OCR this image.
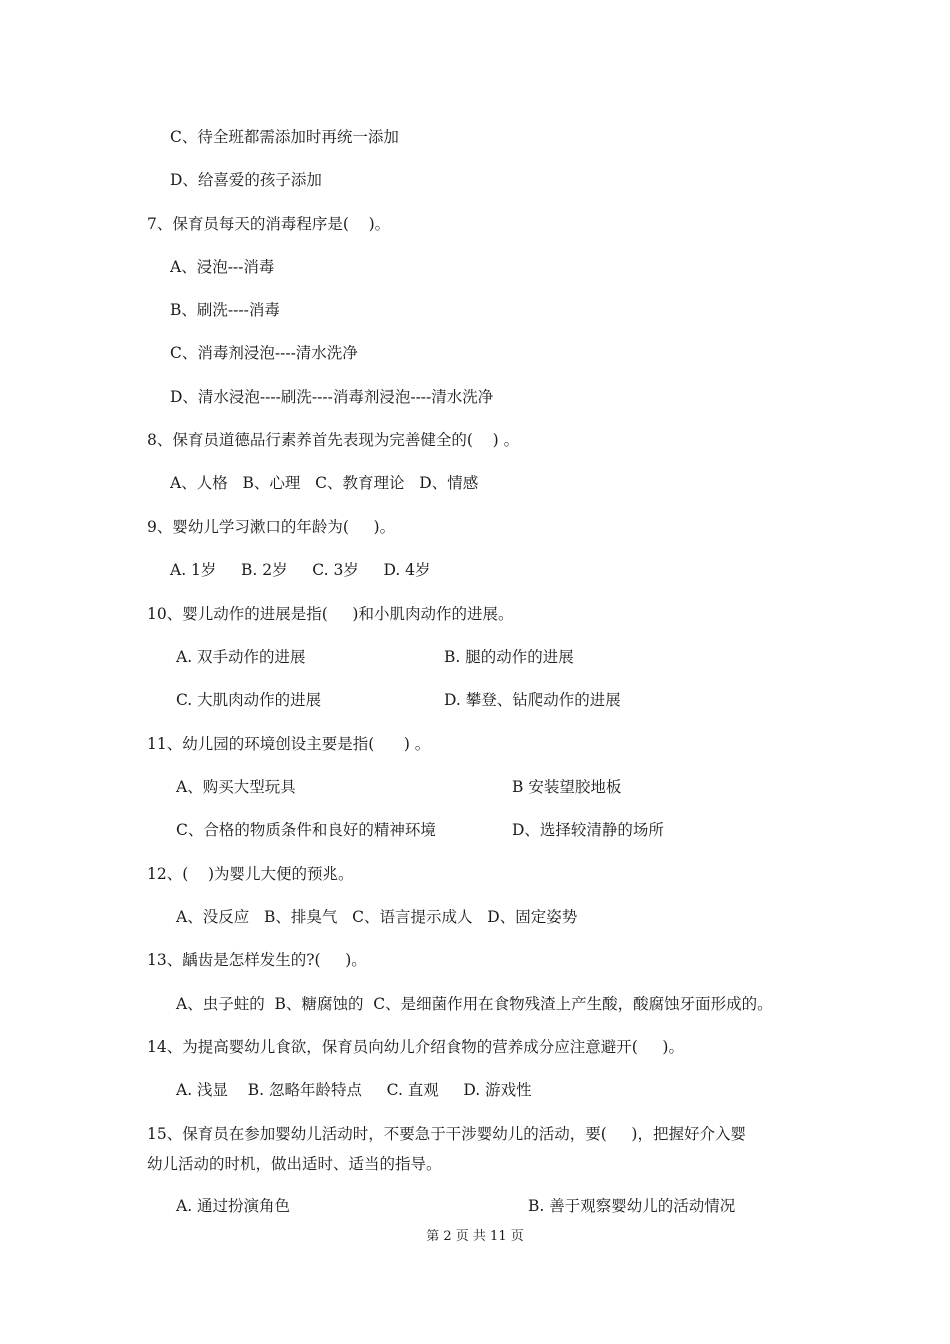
C、待全班都需添加时再统一添加
D、给喜爱的孩子添加
7、保育员每天的消毒程序是(    )。
A、浸泡---消毒
B、刷洗----消毒
C、消毒剂浸泡----清水洗净
D、清水浸泡----刷洗----消毒剂浸泡----清水洗净
8、保育员道德品行素养首先表现为完善健全的(    ) 。
A、人格   B、心理   C、教育理论   D、情感
9、婴幼儿学习漱口的年龄为(     )。
A. 1岁     B. 2岁     C. 3岁     D. 4岁
10、婴儿动作的进展是指(     )和小肌肉动作的进展。
A. 双手动作的进展	B. 腿的动作的进展
C. 大肌肉动作的进展	D. 攀登、钻爬动作的进展
11、幼儿园的环境创设主要是指(      ) 。
A、购买大型玩具	B 安装望胶地板
C、合格的物质条件和良好的精神环境	D、选择较清静的场所
12、(    )为婴儿大便的预兆。
A、没反应   B、排臭气   C、语言提示成人   D、固定姿势
13、龋齿是怎样发生的?(     )。
A、虫子蛀的  B、糖腐蚀的  C、是细菌作用在食物残渣上产生酸，酸腐蚀牙面形成的。
14、为提高婴幼儿食欲，保育员向幼儿介绍食物的营养成分应注意避开(     )。
A. 浅显    B. 忽略年龄特点     C. 直观     D. 游戏性
15、保育员在参加婴幼儿活动时，不要急于干涉婴幼儿的活动，要(     )，把握好介入婴
幼儿活动的时机，做出适时、适当的指导。
A. 通过扮演角色	B. 善于观察婴幼儿的活动情况
第 2 页 共 11 页
